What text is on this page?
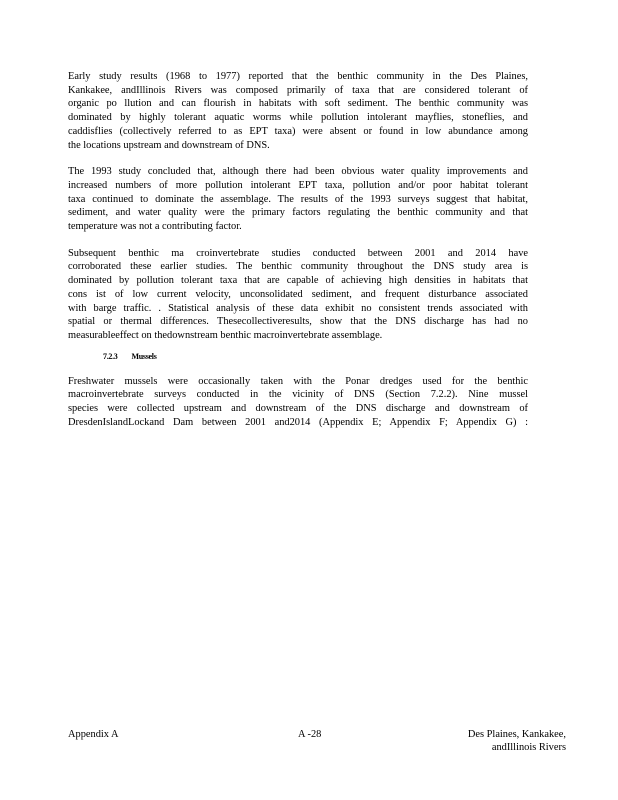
Early study results (1968 to 1977) reported that the benthic community in the Des Plaines,
Kankakee, andIllinois Rivers was composed primarily of taxa that are considered tolerant of
organic po llution and can flourish in habitats with soft sediment. The benthic community was
dominated by highly tolerant aquatic worms while pollution intolerant mayflies, stoneflies, and
caddisflies (collectively referred to as EPT taxa) were absent or found in low abundance among
the locations upstream and downstream of DNS.

The 1993 study concluded that, although there had been obvious water quality improvements and
increased numbers of more pollution intolerant EPT taxa, pollution and/or poor habitat tolerant
taxa continued to dominate the assemblage. The results of the 1993 surveys suggest that habitat,
sediment, and water quality were the primary factors regulating the benthic community and that
temperature was not a contributing factor.

Subsequent benthic ma croinvertebrate studies conducted between 2001 and 2014 have
corroborated these earlier studies. The benthic community throughout the DNS study area is
dominated by pollution tolerant taxa that are capable of achieving high densities in habitats that
cons ist of low current velocity, unconsolidated sediment, and frequent disturbance associated
with barge traffic. . Statistical analysis of these data exhibit no consistent trends associated with
spatial or thermal differences. Thesecollectiveresults, show that the DNS discharge has had no
measurableeffect on thedownstream benthic macroinvertebrate assemblage.

7.2.3 Mussels

Freshwater mussels were occasionally taken with the Ponar dredges used for the benthic
macroinvertebrate surveys conducted in the vicinity of DNS (Section 7.2.2). Nine mussel
species were collected upstream and downstream of the DNS discharge and downstream of
DresdenIslandLockand Dam between 2001 and2014 (Appendix E; Appendix F; Appendix G) :

Appendix A	A -28	Des Plaines, Kankakee,
andIllinois Rivers
